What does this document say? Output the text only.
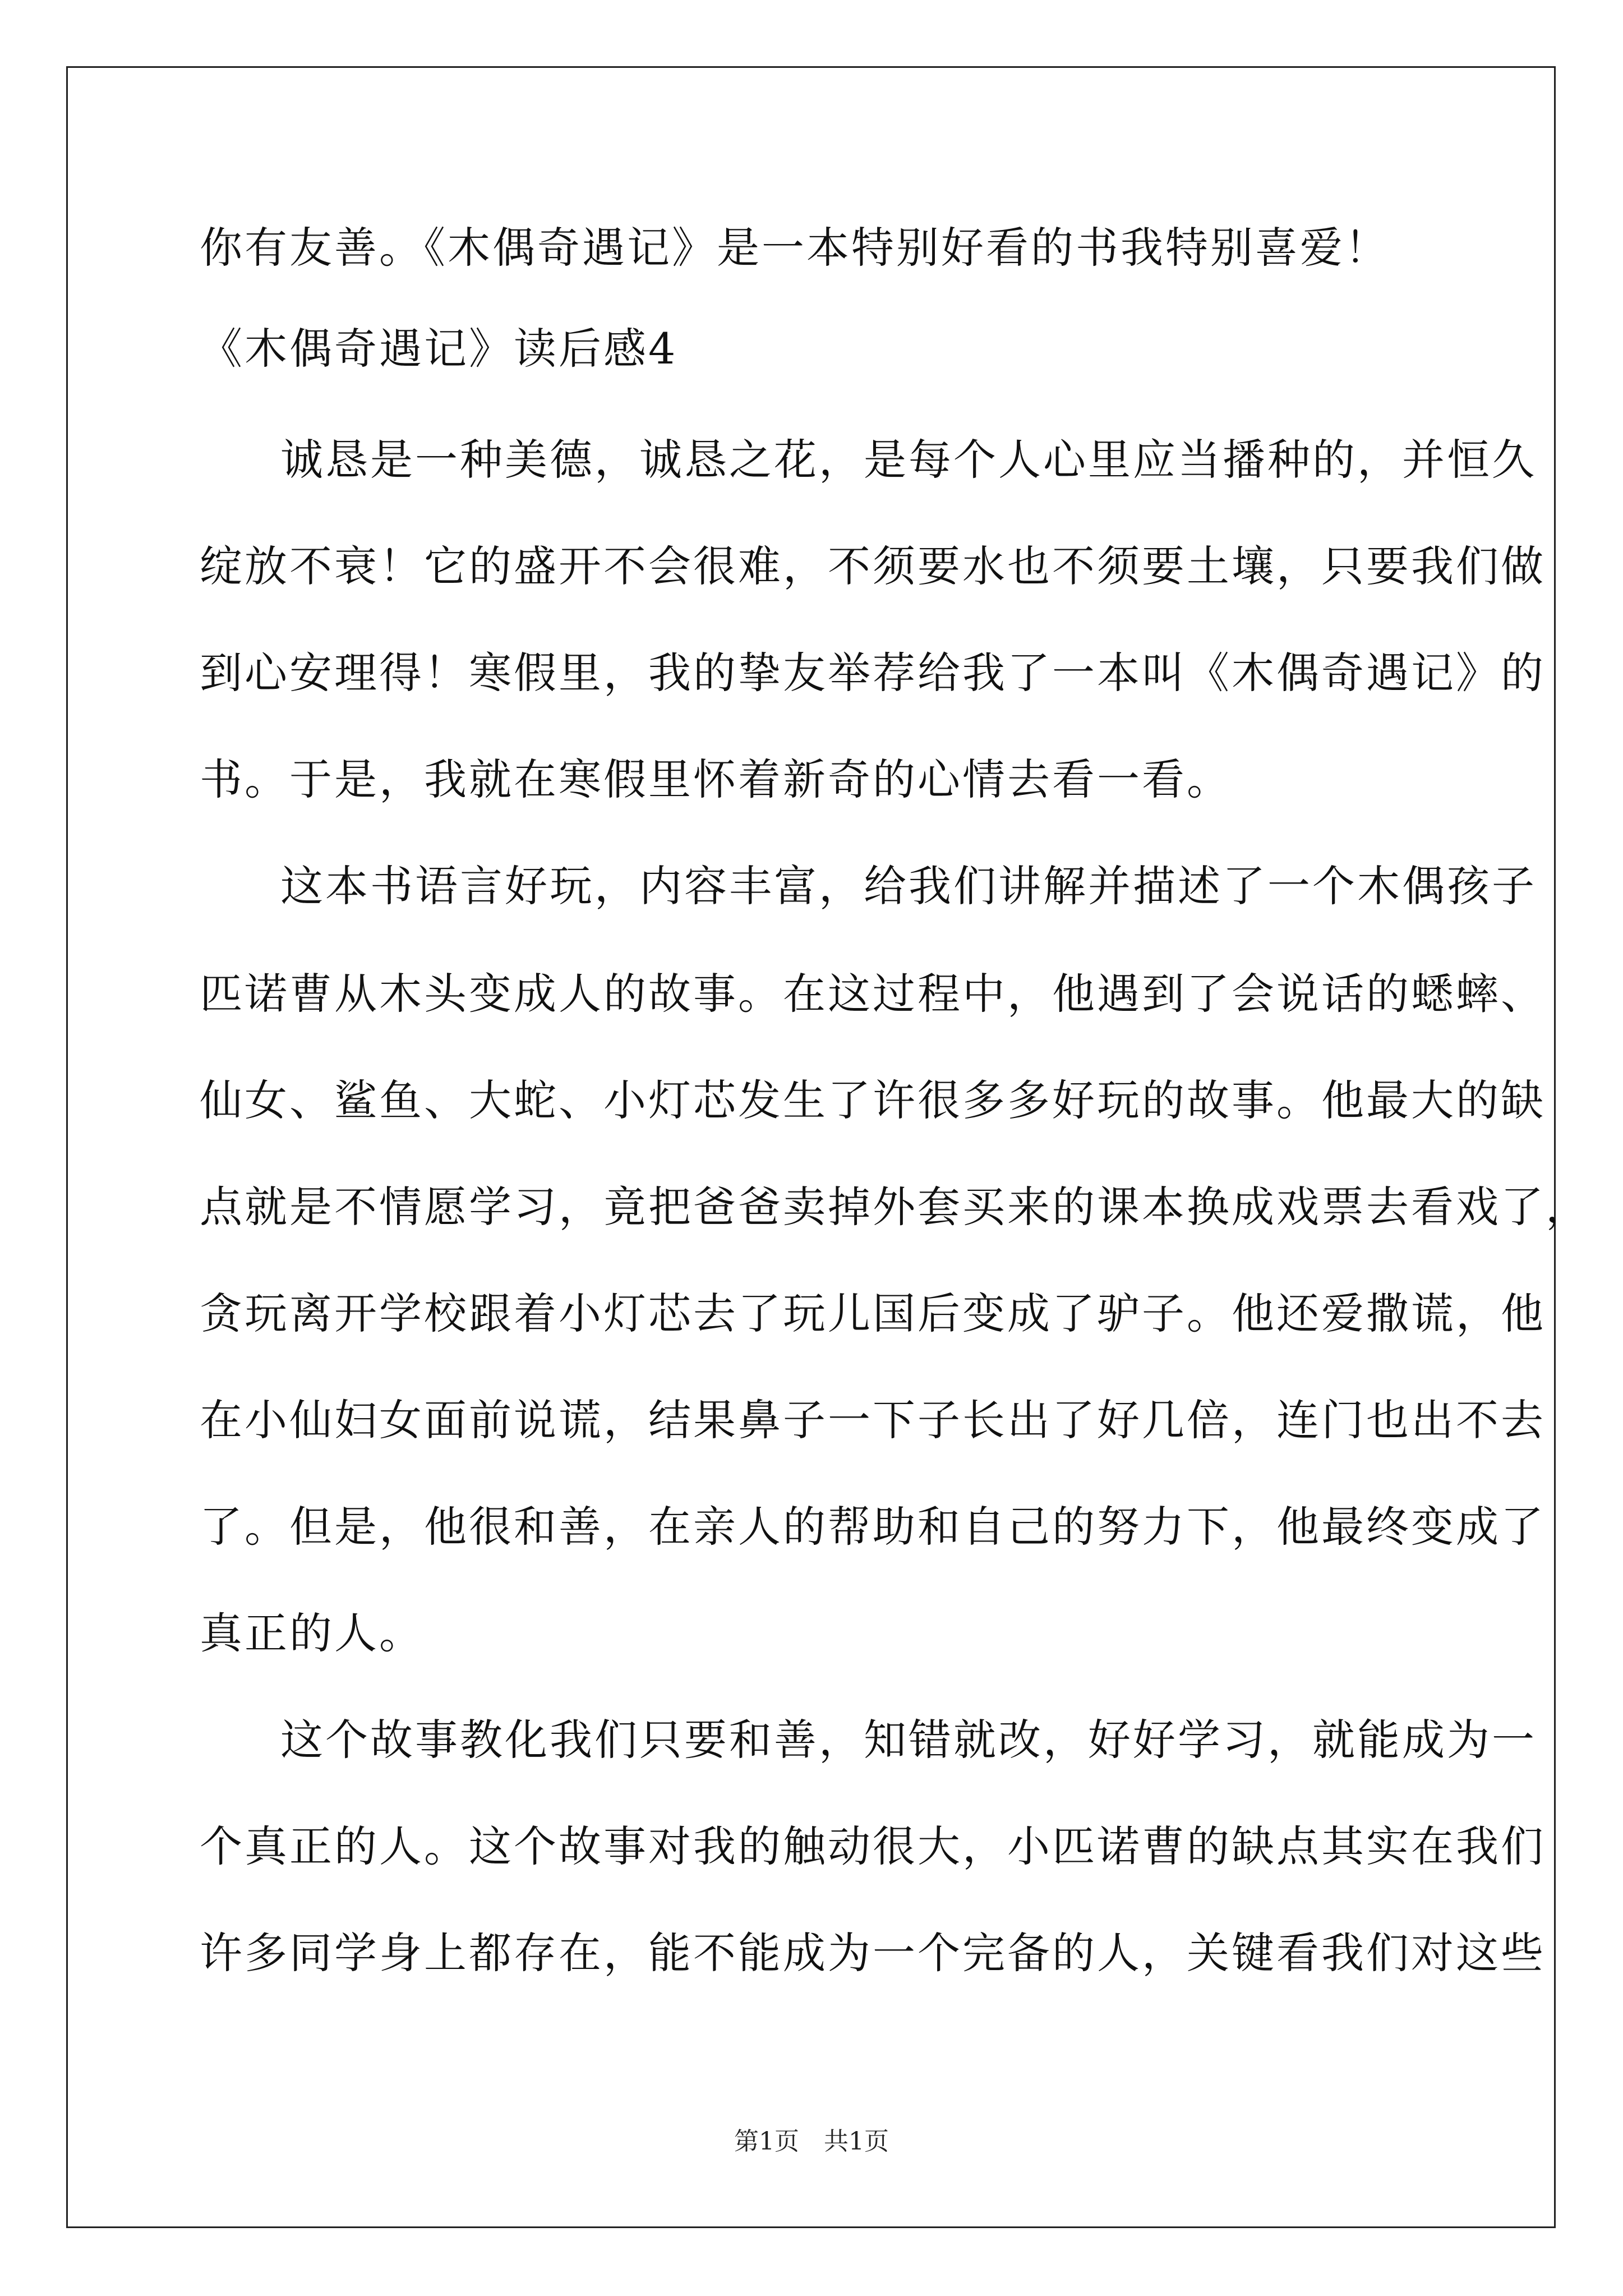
你有友善。《木偶奇遇记》是一本特别好看的书我特别喜爱！
《木偶奇遇记》读后感4
诚恳是一种美德，诚恳之花，是每个人心里应当播种的，并恒久
绽放不衰！它的盛开不会很难，不须要水也不须要土壤，只要我们做
到心安理得！寒假里，我的挚友举荐给我了一本叫《木偶奇遇记》的
书。于是，我就在寒假里怀着新奇的心情去看一看。
这本书语言好玩，内容丰富，给我们讲解并描述了一个木偶孩子
匹诺曹从木头变成人的故事。在这过程中，他遇到了会说话的蟋蟀、
仙女、鲨鱼、大蛇、小灯芯发生了许很多多好玩的故事。他最大的缺
点就是不情愿学习，竟把爸爸卖掉外套买来的课本换成戏票去看戏了，
贪玩离开学校跟着小灯芯去了玩儿国后变成了驴子。他还爱撒谎，他
在小仙妇女面前说谎，结果鼻子一下子长出了好几倍，连门也出不去
了。但是，他很和善，在亲人的帮助和自己的努力下，他最终变成了
真正的人。
这个故事教化我们只要和善，知错就改，好好学习，就能成为一
个真正的人。这个故事对我的触动很大，小匹诺曹的缺点其实在我们
许多同学身上都存在，能不能成为一个完备的人，关键看我们对这些
第1页　共1页
